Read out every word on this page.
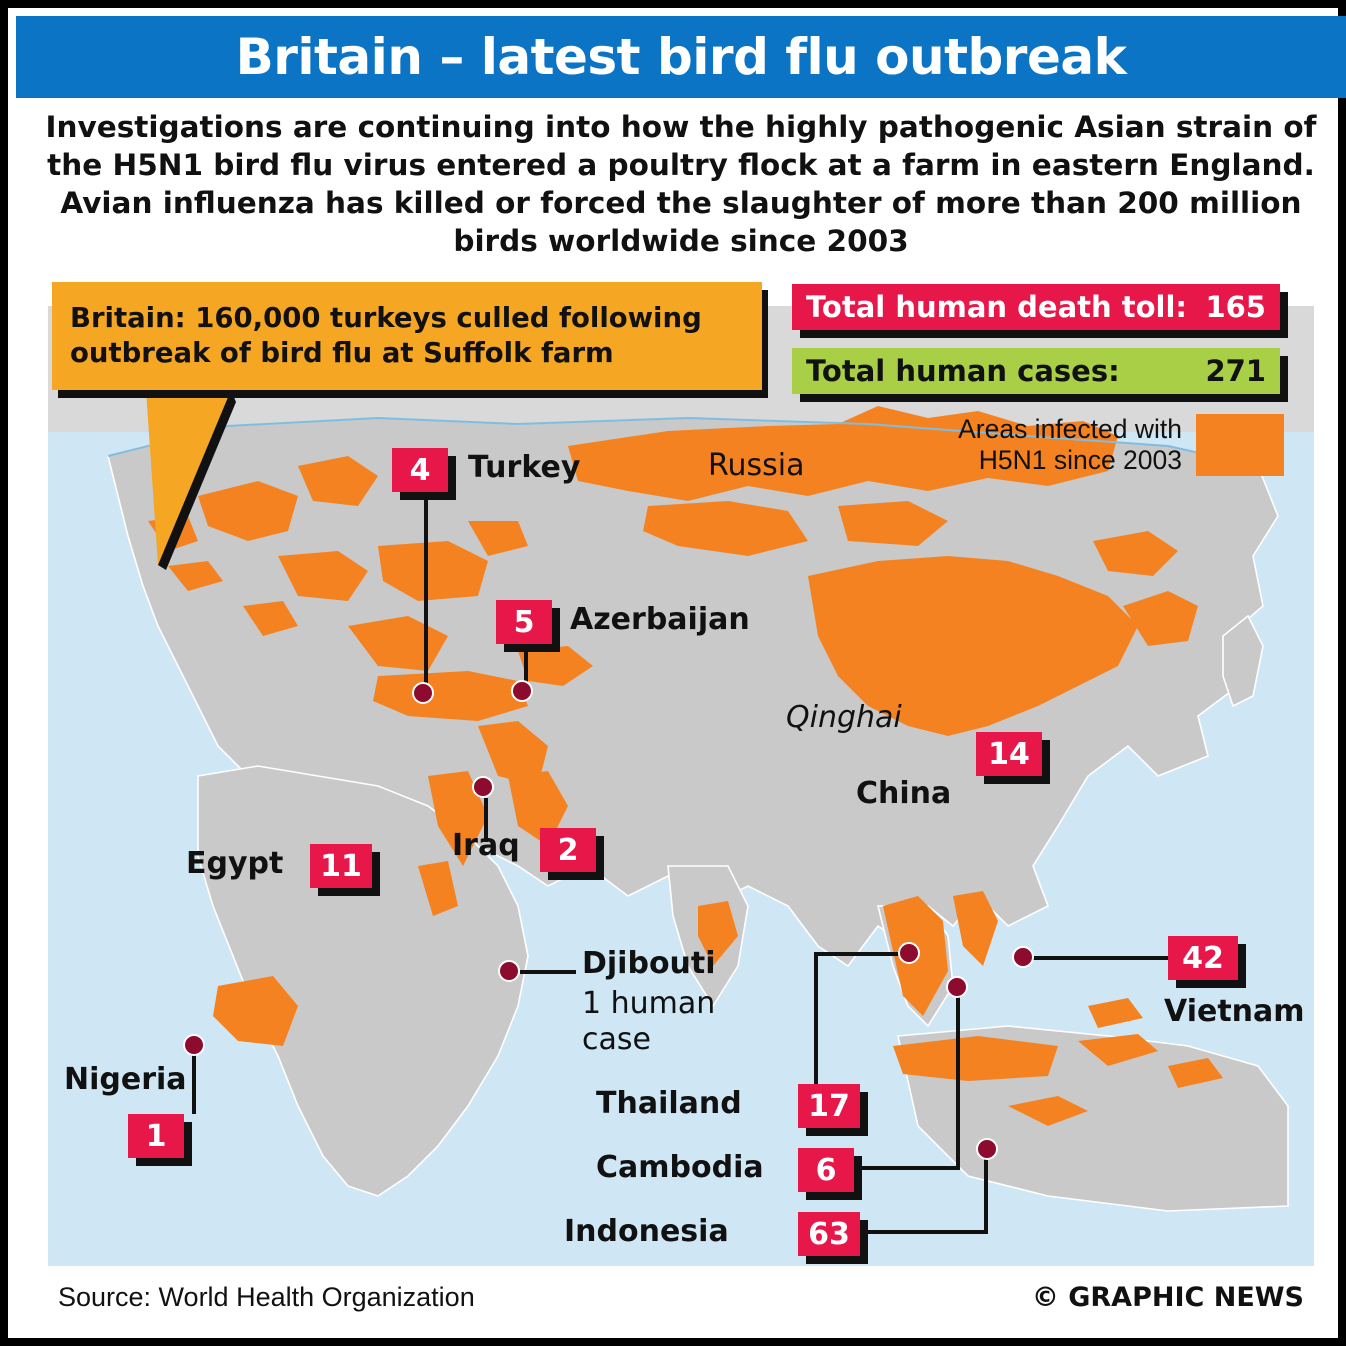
Britain – latest bird flu outbreak
Investigations are continuing into how the highly pathogenic Asian strain of the H5N1 bird flu virus entered a poultry flock at a farm in eastern England. Avian influenza has killed or forced the slaughter of more than 200 million birds worldwide since 2003
Britain: 160,000 turkeys culled following outbreak of bird flu at Suffolk farm
Total human death toll: 165
Total human cases:	271
Areas infected with H5N1 since 2003
Russia
4	Turkey
5	Azerbaijan
Iraq	2
Egypt	11
Qinghai
14
China
Djibouti
1 human case
Nigeria
1
Thailand	17
Cambodia	6
Indonesia	63
42
Vietnam
Source: World Health Organization	© GRAPHIC NEWS
